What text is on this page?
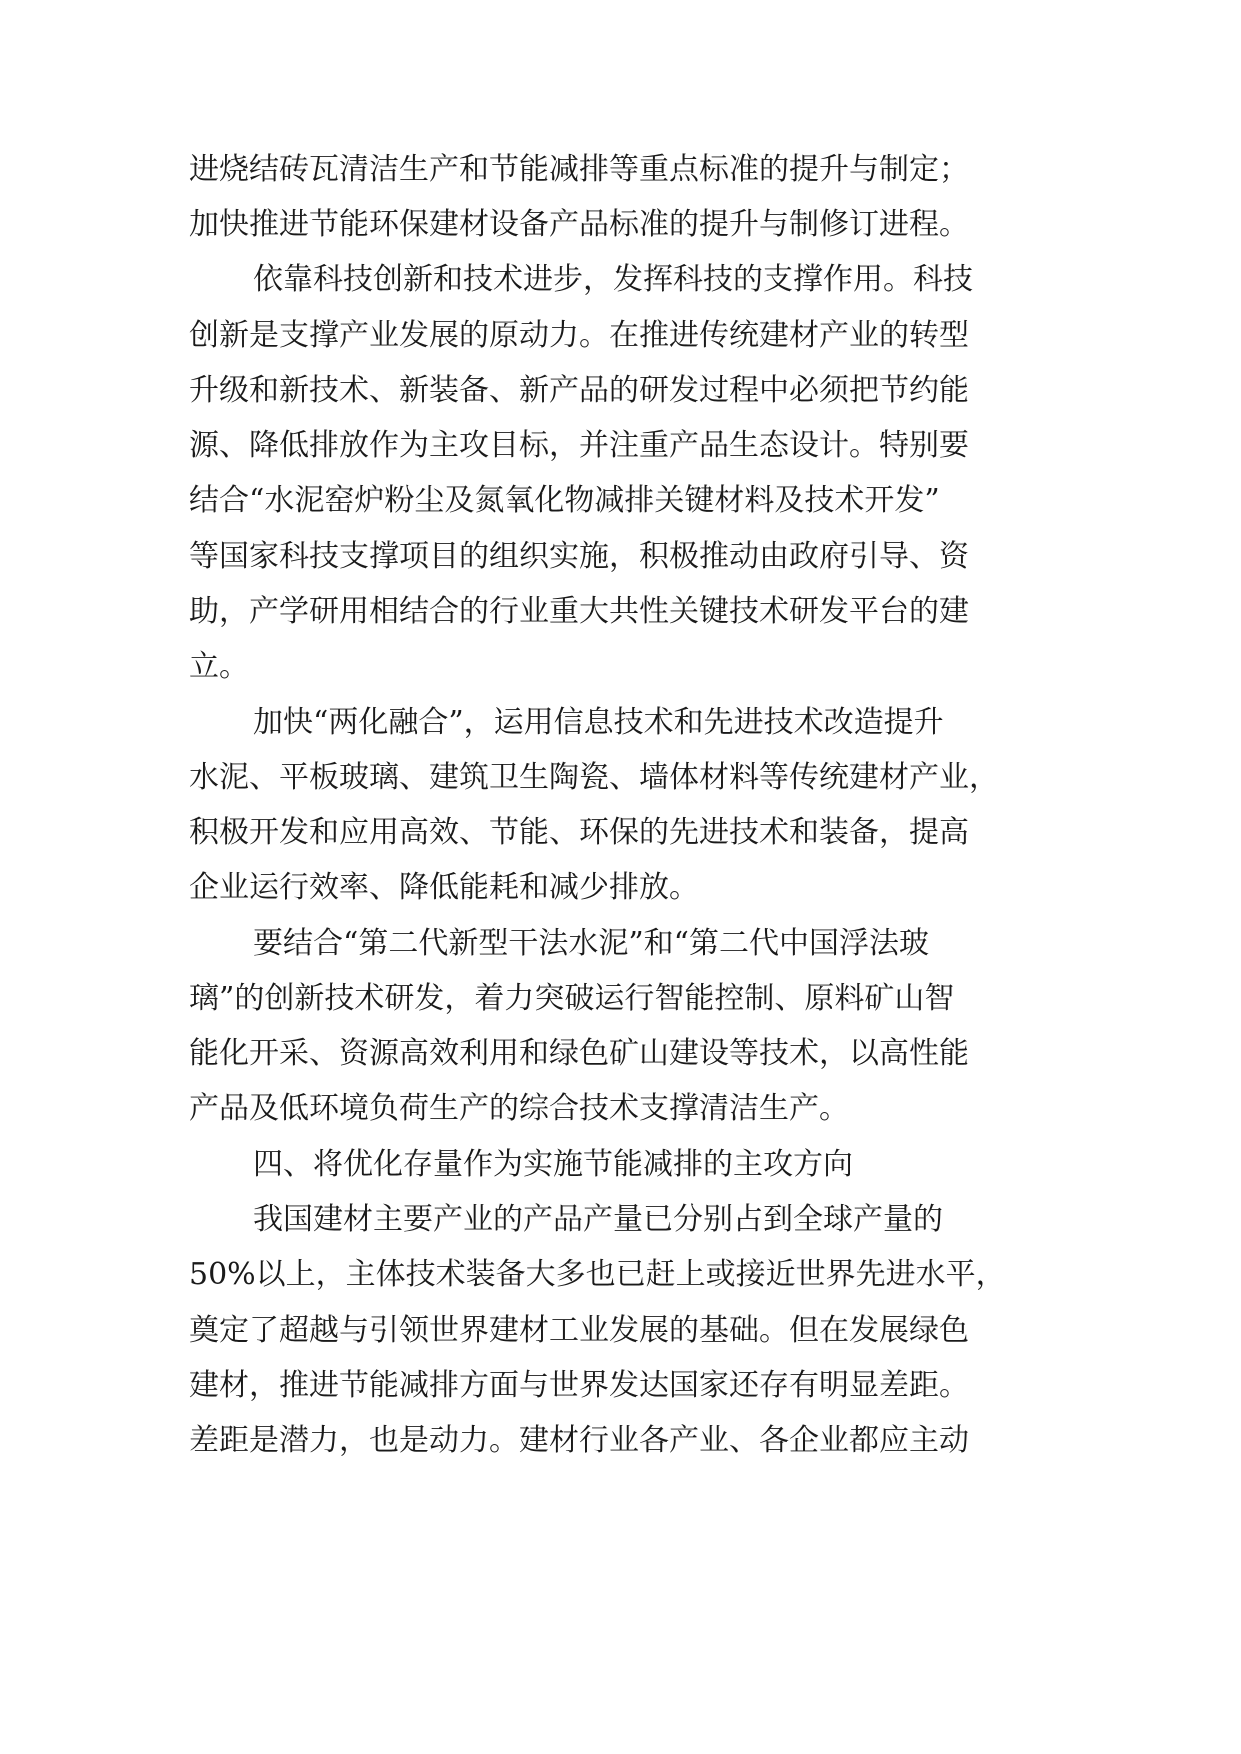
进烧结砖瓦清洁生产和节能减排等重点标准的提升与制定；
加快推进节能环保建材设备产品标准的提升与制修订进程。
依靠科技创新和技术进步，发挥科技的支撑作用。科技
创新是支撑产业发展的原动力。在推进传统建材产业的转型
升级和新技术、新装备、新产品的研发过程中必须把节约能
源、降低排放作为主攻目标，并注重产品生态设计。特别要
结合“水泥窑炉粉尘及氮氧化物减排关键材料及技术开发”
等国家科技支撑项目的组织实施，积极推动由政府引导、资
助，产学研用相结合的行业重大共性关键技术研发平台的建
立。
加快“两化融合”，运用信息技术和先进技术改造提升
水泥、平板玻璃、建筑卫生陶瓷、墙体材料等传统建材产业，
积极开发和应用高效、节能、环保的先进技术和装备，提高
企业运行效率、降低能耗和减少排放。
要结合“第二代新型干法水泥”和“第二代中国浮法玻
璃”的创新技术研发，着力突破运行智能控制、原料矿山智
能化开采、资源高效利用和绿色矿山建设等技术，以高性能
产品及低环境负荷生产的综合技术支撑清洁生产。
四、将优化存量作为实施节能减排的主攻方向
我国建材主要产业的产品产量已分别占到全球产量的
50%以上，主体技术装备大多也已赶上或接近世界先进水平，
奠定了超越与引领世界建材工业发展的基础。但在发展绿色
建材，推进节能减排方面与世界发达国家还存有明显差距。
差距是潜力，也是动力。建材行业各产业、各企业都应主动
